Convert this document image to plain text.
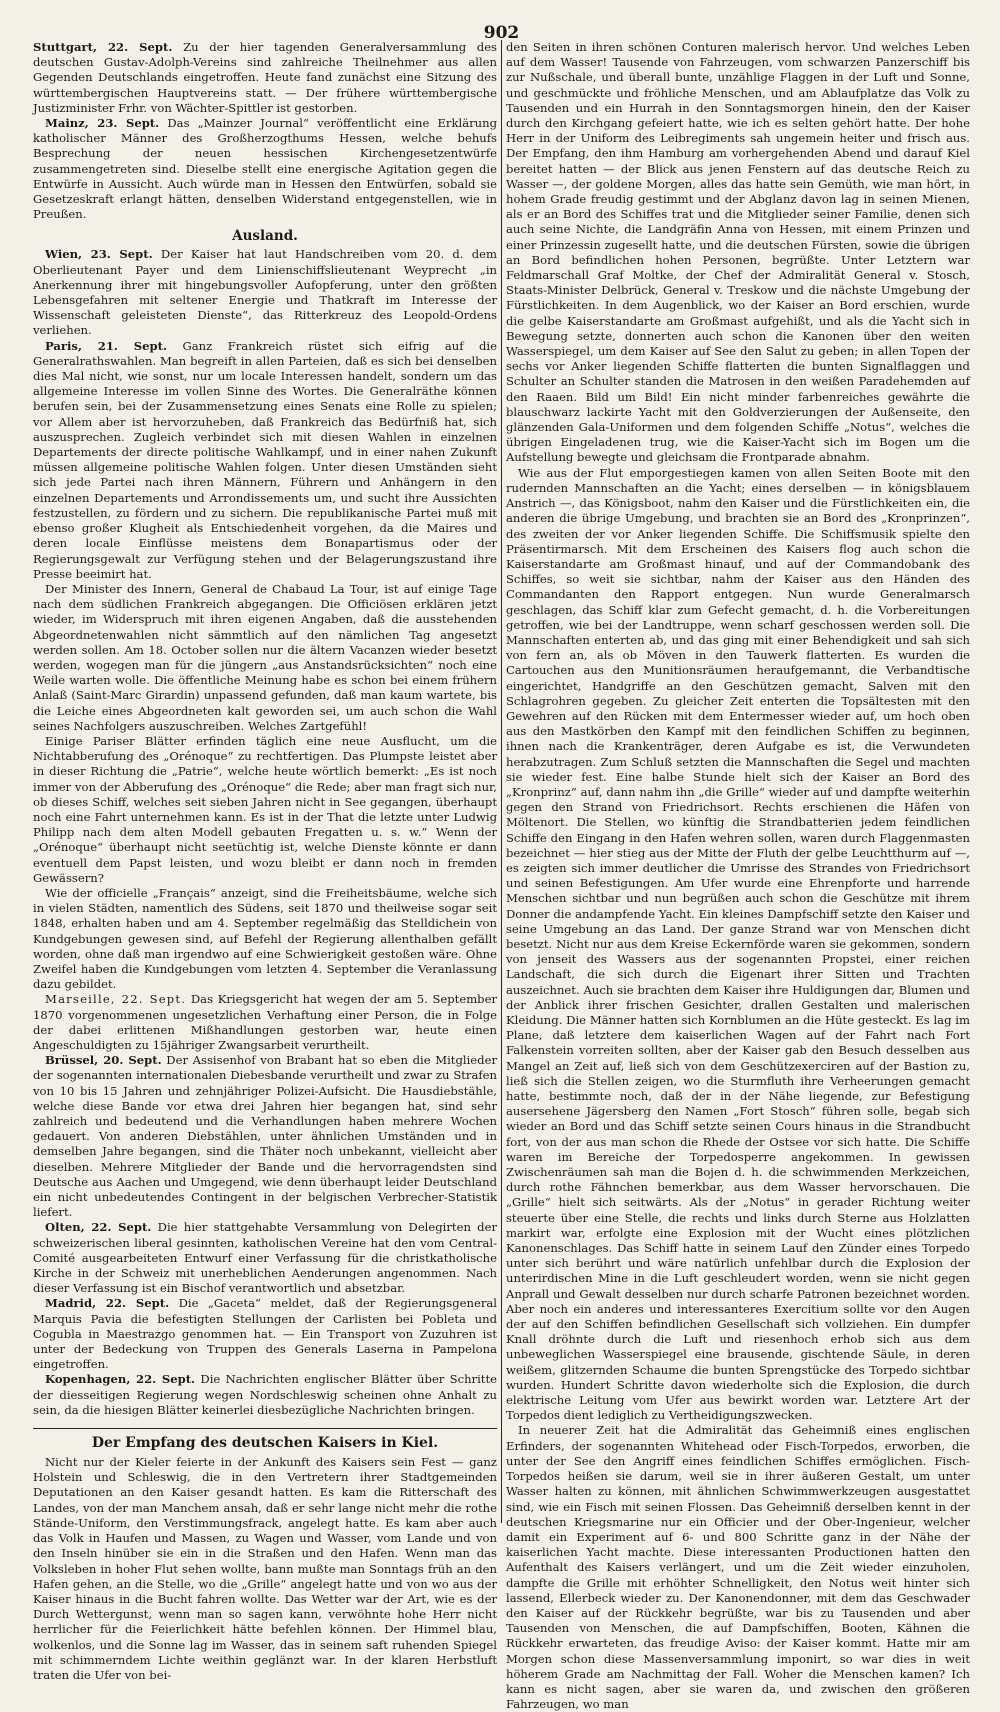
902

Stuttgart, 22. Sept. Zu der hier tagenden Generalversammlung des deutschen Gustav-Adolph-Vereins sind zahlreiche Theilnehmer aus allen Gegenden Deutschlands eingetroffen. Heute fand zunächst eine Sitzung des württembergischen Hauptvereins statt. — Der frühere württembergische Justizminister Frhr. von Wächter-Spittler ist gestorben.

Mainz, 23. Sept. Das „Mainzer Journal“ veröffentlicht eine Erklärung katholischer Männer des Großherzogthums Hessen, welche behufs Besprechung der neuen hessischen Kirchengesetzentwürfe zusammengetreten sind. Dieselbe stellt eine energische Agitation gegen die Entwürfe in Aussicht. Auch würde man in Hessen den Entwürfen, sobald sie Gesetzeskraft erlangt hätten, denselben Widerstand entgegenstellen, wie in Preußen.

Ausland.

Wien, 23. Sept. Der Kaiser hat laut Handschreiben vom 20. d. dem Oberlieutenant Payer und dem Linienschiffslieutenant Weyprecht „in Anerkennung ihrer mit hingebungsvoller Aufopferung, unter den größten Lebensgefahren mit seltener Energie und Thatkraft im Interesse der Wissenschaft geleisteten Dienste“, das Ritterkreuz des Leopold-Ordens verliehen.

Paris, 21. Sept. Ganz Frankreich rüstet sich eifrig auf die Generalrathswahlen. Man begreift in allen Parteien, daß es sich bei denselben dies Mal nicht, wie sonst, nur um locale Interessen handelt, sondern um das allgemeine Interesse im vollen Sinne des Wortes. Die Generalräthe können berufen sein, bei der Zusammensetzung eines Senats eine Rolle zu spielen; vor Allem aber ist hervorzuheben, daß Frankreich das Bedürfniß hat, sich auszusprechen. Zugleich verbindet sich mit diesen Wahlen in einzelnen Departements der directe politische Wahlkampf, und in einer nahen Zukunft müssen allgemeine politische Wahlen folgen. Unter diesen Umständen sieht sich jede Partei nach ihren Männern, Führern und Anhängern in den einzelnen Departements und Arrondissements um, und sucht ihre Aussichten festzustellen, zu fördern und zu sichern. Die republikanische Partei muß mit ebenso großer Klugheit als Entschiedenheit vorgehen, da die Maires und deren locale Einflüsse meistens dem Bonapartismus oder der Regierungsgewalt zur Verfügung stehen und der Belagerungszustand ihre Presse beeimirt hat.

Der Minister des Innern, General de Chabaud La Tour, ist auf einige Tage nach dem südlichen Frankreich abgegangen. Die Officiösen erklären jetzt wieder, im Widerspruch mit ihren eigenen Angaben, daß die ausstehenden Abgeordnetenwahlen nicht sämmtlich auf den nämlichen Tag angesetzt werden sollen. Am 18. October sollen nur die ältern Vacanzen wieder besetzt werden, wogegen man für die jüngern „aus Anstandsrücksichten“ noch eine Weile warten wolle. Die öffentliche Meinung habe es schon bei einem frühern Anlaß (Saint-Marc Girardin) unpassend gefunden, daß man kaum wartete, bis die Leiche eines Abgeordneten kalt geworden sei, um auch schon die Wahl seines Nachfolgers auszuschreiben. Welches Zartgefühl!

Einige Pariser Blätter erfinden täglich eine neue Ausflucht, um die Nichtabberufung des „Orénoque“ zu rechtfertigen. Das Plumpste leistet aber in dieser Richtung die „Patrie“, welche heute wörtlich bemerkt: „Es ist noch immer von der Abberufung des „Orénoque“ die Rede; aber man fragt sich nur, ob dieses Schiff, welches seit sieben Jahren nicht in See gegangen, überhaupt noch eine Fahrt unternehmen kann. Es ist in der That die letzte unter Ludwig Philipp nach dem alten Modell gebauten Fregatten u. s. w.“ Wenn der „Orénoque“ überhaupt nicht seetüchtig ist, welche Dienste könnte er dann eventuell dem Papst leisten, und wozu bleibt er dann noch in fremden Gewässern?

Wie der officielle „Français“ anzeigt, sind die Freiheitsbäume, welche sich in vielen Städten, namentlich des Südens, seit 1870 und theilweise sogar seit 1848, erhalten haben und am 4. September regelmäßig das Stelldichein von Kundgebungen gewesen sind, auf Befehl der Regierung allenthalben gefällt worden, ohne daß man irgendwo auf eine Schwierigkeit gestoßen wäre. Ohne Zweifel haben die Kundgebungen vom letzten 4. September die Veranlassung dazu gebildet.

Marseille, 22. Sept. Das Kriegsgericht hat wegen der am 5. September 1870 vorgenommenen ungesetzlichen Verhaftung einer Person, die in Folge der dabei erlittenen Mißhandlungen gestorben war, heute einen Angeschuldigten zu 15jähriger Zwangsarbeit verurtheilt.

Brüssel, 20. Sept. Der Assisenhof von Brabant hat so eben die Mitglieder der sogenannten internationalen Diebesbande verurtheilt und zwar zu Strafen von 10 bis 15 Jahren und zehnjähriger Polizei-Aufsicht. Die Hausdiebstähle, welche diese Bande vor etwa drei Jahren hier begangen hat, sind sehr zahlreich und bedeutend und die Verhandlungen haben mehrere Wochen gedauert. Von anderen Diebstählen, unter ähnlichen Umständen und in demselben Jahre begangen, sind die Thäter noch unbekannt, vielleicht aber dieselben. Mehrere Mitglieder der Bande und die hervorragendsten sind Deutsche aus Aachen und Umgegend, wie denn überhaupt leider Deutschland ein nicht unbedeutendes Contingent in der belgischen Verbrecher-Statistik liefert.

Olten, 22. Sept. Die hier stattgehabte Versammlung von Delegirten der schweizerischen liberal gesinnten, katholischen Vereine hat den vom Central-Comité ausgearbeiteten Entwurf einer Verfassung für die christkatholische Kirche in der Schweiz mit unerheblichen Aenderungen angenommen. Nach dieser Verfassung ist ein Bischof verantwortlich und absetzbar.

Madrid, 22. Sept. Die „Gaceta“ meldet, daß der Regierungsgeneral Marquis Pavia die befestigten Stellungen der Carlisten bei Pobleta und Cogubla in Maestrazgo genommen hat. — Ein Transport von Zuzuhren ist unter der Bedeckung von Truppen des Generals Laserna in Pampelona eingetroffen.

Kopenhagen, 22. Sept. Die Nachrichten englischer Blätter über Schritte der diesseitigen Regierung wegen Nordschleswig scheinen ohne Anhalt zu sein, da die hiesigen Blätter keinerlei diesbezügliche Nachrichten bringen.

Der Empfang des deutschen Kaisers in Kiel.

Nicht nur der Kieler feierte in der Ankunft des Kaisers sein Fest — ganz Holstein und Schleswig, die in den Vertretern ihrer Stadtgemeinden Deputationen an den Kaiser gesandt hatten. Es kam die Ritterschaft des Landes, von der man Manchem ansah, daß er sehr lange nicht mehr die rothe Stände-Uniform, den Verstimmungsfrack, angelegt hatte. Es kam aber auch das Volk in Haufen und Massen, zu Wagen und Wasser, vom Lande und von den Inseln hinüber sie ein in die Straßen und den Hafen. Wenn man das Volksleben in hoher Flut sehen wollte, bann mußte man Sonntags früh an den Hafen gehen, an die Stelle, wo die „Grille“ angelegt hatte und von wo aus der Kaiser hinaus in die Bucht fahren wollte. Das Wetter war der Art, wie es der Durch Wettergunst, wenn man so sagen kann, verwöhnte hohe Herr nicht herrlicher für die Feierlichkeit hätte befehlen können. Der Himmel blau, wolkenlos, und die Sonne lag im Wasser, das in seinem saft ruhenden Spiegel mit schimmerndem Lichte weithin geglänzt war. In der klaren Herbstluft traten die Ufer von bei-

den Seiten in ihren schönen Conturen malerisch hervor. Und welches Leben auf dem Wasser! Tausende von Fahrzeugen, vom schwarzen Panzerschiff bis zur Nußschale, und überall bunte, unzählige Flaggen in der Luft und Sonne, und geschmückte und fröhliche Menschen, und am Ablaufplatze das Volk zu Tausenden und ein Hurrah in den Sonntagsmorgen hinein, den der Kaiser durch den Kirchgang gefeiert hatte, wie ich es selten gehört hatte. Der hohe Herr in der Uniform des Leibregiments sah ungemein heiter und frisch aus. Der Empfang, den ihm Hamburg am vorhergehenden Abend und darauf Kiel bereitet hatten — der Blick aus jenen Fenstern auf das deutsche Reich zu Wasser —, der goldene Morgen, alles das hatte sein Gemüth, wie man hört, in hohem Grade freudig gestimmt und der Abglanz davon lag in seinen Mienen, als er an Bord des Schiffes trat und die Mitglieder seiner Familie, denen sich auch seine Nichte, die Landgräfin Anna von Hessen, mit einem Prinzen und einer Prinzessin zugesellt hatte, und die deutschen Fürsten, sowie die übrigen an Bord befindlichen hohen Personen, begrüßte. Unter Letztern war Feldmarschall Graf Moltke, der Chef der Admiralität General v. Stosch, Staats-Minister Delbrück, General v. Treskow und die nächste Umgebung der Fürstlichkeiten. In dem Augenblick, wo der Kaiser an Bord erschien, wurde die gelbe Kaiserstandarte am Großmast aufgehißt, und als die Yacht sich in Bewegung setzte, donnerten auch schon die Kanonen über den weiten Wasserspiegel, um dem Kaiser auf See den Salut zu geben; in allen Topen der sechs vor Anker liegenden Schiffe flatterten die bunten Signalflaggen und Schulter an Schulter standen die Matrosen in den weißen Paradehemden auf den Raaen. Bild um Bild! Ein nicht minder farbenreiches gewährte die blauschwarz lackirte Yacht mit den Goldverzierungen der Außenseite, den glänzenden Gala-Uniformen und dem folgenden Schiffe „Notus“, welches die übrigen Eingeladenen trug, wie die Kaiser-Yacht sich im Bogen um die Aufstellung bewegte und gleichsam die Frontparade abnahm.

Wie aus der Flut emporgestiegen kamen von allen Seiten Boote mit den rudernden Mannschaften an die Yacht; eines derselben — in königsblauem Anstrich —, das Königsboot, nahm den Kaiser und die Fürstlichkeiten ein, die anderen die übrige Umgebung, und brachten sie an Bord des „Kronprinzen“, des zweiten der vor Anker liegenden Schiffe. Die Schiffsmusik spielte den Präsentirmarsch. Mit dem Erscheinen des Kaisers flog auch schon die Kaiserstandarte am Großmast hinauf, und auf der Commandobank des Schiffes, so weit sie sichtbar, nahm der Kaiser aus den Händen des Commandanten den Rapport entgegen. Nun wurde Generalmarsch geschlagen, das Schiff klar zum Gefecht gemacht, d. h. die Vorbereitungen getroffen, wie bei der Landtruppe, wenn scharf geschossen werden soll. Die Mannschaften enterten ab, und das ging mit einer Behendigkeit und sah sich von fern an, als ob Möven in den Tauwerk flatterten. Es wurden die Cartouchen aus den Munitionsräumen heraufgemannt, die Verbandtische eingerichtet, Handgriffe an den Geschützen gemacht, Salven mit den Schlagrohren gegeben. Zu gleicher Zeit enterten die Topsältesten mit den Gewehren auf den Rücken mit dem Entermesser wieder auf, um hoch oben aus den Mastkörben den Kampf mit den feindlichen Schiffen zu beginnen, ihnen nach die Krankenträger, deren Aufgabe es ist, die Verwundeten herabzutragen. Zum Schluß setzten die Mannschaften die Segel und machten sie wieder fest. Eine halbe Stunde hielt sich der Kaiser an Bord des „Kronprinz“ auf, dann nahm ihn „die Grille“ wieder auf und dampfte weiterhin gegen den Strand von Friedrichsort. Rechts erschienen die Häfen von Möltenort. Die Stellen, wo künftig die Strandbatterien jedem feindlichen Schiffe den Eingang in den Hafen wehren sollen, waren durch Flaggenmasten bezeichnet — hier stieg aus der Mitte der Fluth der gelbe Leuchtthurm auf —, es zeigten sich immer deutlicher die Umrisse des Strandes von Friedrichsort und seinen Befestigungen. Am Ufer wurde eine Ehrenpforte und harrende Menschen sichtbar und nun begrüßen auch schon die Geschütze mit ihrem Donner die andampfende Yacht. Ein kleines Dampfschiff setzte den Kaiser und seine Umgebung an das Land. Der ganze Strand war von Menschen dicht besetzt. Nicht nur aus dem Kreise Eckernförde waren sie gekommen, sondern von jenseit des Wassers aus der sogenannten Propstei, einer reichen Landschaft, die sich durch die Eigenart ihrer Sitten und Trachten auszeichnet. Auch sie brachten dem Kaiser ihre Huldigungen dar, Blumen und der Anblick ihrer frischen Gesichter, drallen Gestalten und malerischen Kleidung. Die Männer hatten sich Kornblumen an die Hüte gesteckt. Es lag im Plane, daß letztere dem kaiserlichen Wagen auf der Fahrt nach Fort Falkenstein vorreiten sollten, aber der Kaiser gab den Besuch desselben aus Mangel an Zeit auf, ließ sich von dem Geschützexerciren auf der Bastion zu, ließ sich die Stellen zeigen, wo die Sturmfluth ihre Verheerungen gemacht hatte, bestimmte noch, daß der in der Nähe liegende, zur Befestigung ausersehene Jägersberg den Namen „Fort Stosch“ führen solle, begab sich wieder an Bord und das Schiff setzte seinen Cours hinaus in die Strandbucht fort, von der aus man schon die Rhede der Ostsee vor sich hatte. Die Schiffe waren im Bereiche der Torpedosperre angekommen. In gewissen Zwischenräumen sah man die Bojen d. h. die schwimmenden Merkzeichen, durch rothe Fähnchen bemerkbar, aus dem Wasser hervorschauen. Die „Grille“ hielt sich seitwärts. Als der „Notus“ in gerader Richtung weiter steuerte über eine Stelle, die rechts und links durch Sterne aus Holzlatten markirt war, erfolgte eine Explosion mit der Wucht eines plötzlichen Kanonenschlages. Das Schiff hatte in seinem Lauf den Zünder eines Torpedo unter sich berührt und wäre natürlich unfehlbar durch die Explosion der unterirdischen Mine in die Luft geschleudert worden, wenn sie nicht gegen Anprall und Gewalt desselben nur durch scharfe Patronen bezeichnet worden. Aber noch ein anderes und interessanteres Exercitium sollte vor den Augen der auf den Schiffen befindlichen Gesellschaft sich vollziehen. Ein dumpfer Knall dröhnte durch die Luft und riesenhoch erhob sich aus dem unbeweglichen Wasserspiegel eine brausende, gischtende Säule, in deren weißem, glitzernden Schaume die bunten Sprengstücke des Torpedo sichtbar wurden. Hundert Schritte davon wiederholte sich die Explosion, die durch elektrische Leitung vom Ufer aus bewirkt worden war. Letztere Art der Torpedos dient lediglich zu Vertheidigungszwecken.

In neuerer Zeit hat die Admiralität das Geheimniß eines englischen Erfinders, der sogenannten Whitehead oder Fisch-Torpedos, erworben, die unter der See den Angriff eines feindlichen Schiffes ermöglichen. Fisch-Torpedos heißen sie darum, weil sie in ihrer äußeren Gestalt, um unter Wasser halten zu können, mit ähnlichen Schwimmwerkzeugen ausgestattet sind, wie ein Fisch mit seinen Flossen. Das Geheimniß derselben kennt in der deutschen Kriegsmarine nur ein Officier und der Ober-Ingenieur, welcher damit ein Experiment auf 6- und 800 Schritte ganz in der Nähe der kaiserlichen Yacht machte. Diese interessanten Productionen hatten den Aufenthalt des Kaisers verlängert, und um die Zeit wieder einzuholen, dampfte die Grille mit erhöhter Schnelligkeit, den Notus weit hinter sich lassend, Ellerbeck wieder zu. Der Kanonendonner, mit dem das Geschwader den Kaiser auf der Rückkehr begrüßte, war bis zu Tausenden und aber Tausenden von Menschen, die auf Dampfschiffen, Booten, Kähnen die Rückkehr erwarteten, das freudige Aviso: der Kaiser kommt. Hatte mir am Morgen schon diese Massenversammlung imponirt, so war dies in weit höherem Grade am Nachmittag der Fall. Woher die Menschen kamen? Ich kann es nicht sagen, aber sie waren da, und zwischen den größeren Fahrzeugen, wo man
